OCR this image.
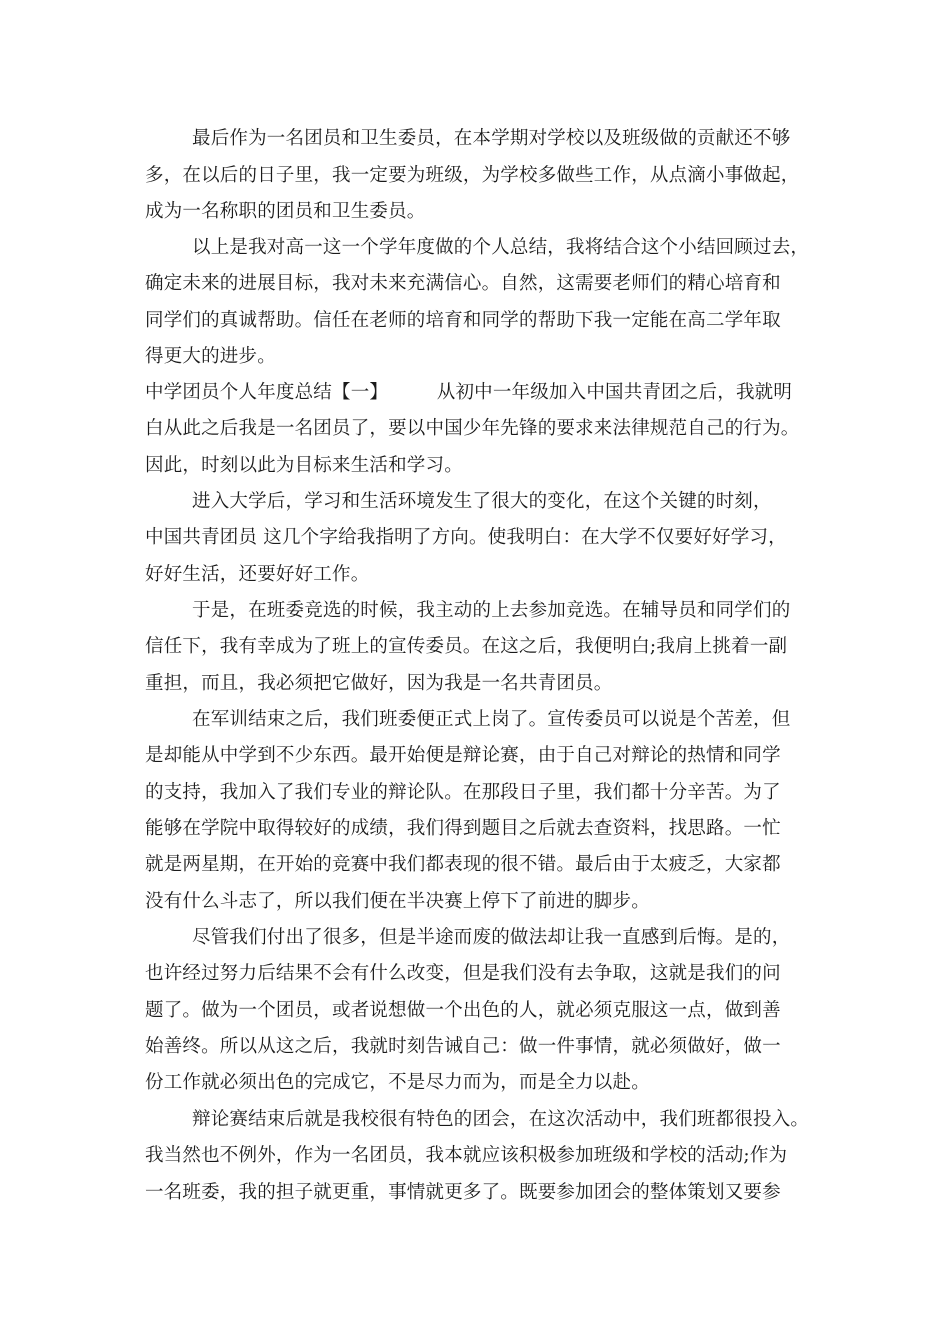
最后作为一名团员和卫生委员，在本学期对学校以及班级做的贡献还不够

多，在以后的日子里，我一定要为班级，为学校多做些工作，从点滴小事做起，

成为一名称职的团员和卫生委员。

以上是我对高一这一个学年度做的个人总结，我将结合这个小结回顾过去，

确定未来的进展目标，我对未来充满信心。自然，这需要老师们的精心培育和

同学们的真诚帮助。信任在老师的培育和同学的帮助下我一定能在高二学年取

得更大的进步。

中学团员个人年度总结【一】        从初中一年级加入中国共青团之后，我就明

白从此之后我是一名团员了，要以中国少年先锋的要求来法律规范自己的行为。

因此，时刻以此为目标来生活和学习。

进入大学后，学习和生活环境发生了很大的变化，在这个关键的时刻，

中国共青团员 这几个字给我指明了方向。使我明白：在大学不仅要好好学习，

好好生活，还要好好工作。

于是，在班委竞选的时候，我主动的上去参加竞选。在辅导员和同学们的

信任下，我有幸成为了班上的宣传委员。在这之后，我便明白;我肩上挑着一副

重担，而且，我必须把它做好，因为我是一名共青团员。

在军训结束之后，我们班委便正式上岗了。宣传委员可以说是个苦差，但

是却能从中学到不少东西。最开始便是辩论赛，由于自己对辩论的热情和同学

的支持，我加入了我们专业的辩论队。在那段日子里，我们都十分辛苦。为了

能够在学院中取得较好的成绩，我们得到题目之后就去查资料，找思路。一忙

就是两星期，在开始的竞赛中我们都表现的很不错。最后由于太疲乏，大家都

没有什么斗志了，所以我们便在半决赛上停下了前进的脚步。

尽管我们付出了很多，但是半途而废的做法却让我一直感到后悔。是的，

也许经过努力后结果不会有什么改变，但是我们没有去争取，这就是我们的问

题了。做为一个团员，或者说想做一个出色的人，就必须克服这一点，做到善

始善终。所以从这之后，我就时刻告诫自己：做一件事情，就必须做好，做一

份工作就必须出色的完成它，不是尽力而为，而是全力以赴。

辩论赛结束后就是我校很有特色的团会，在这次活动中，我们班都很投入。

我当然也不例外，作为一名团员，我本就应该积极参加班级和学校的活动;作为

一名班委，我的担子就更重，事情就更多了。既要参加团会的整体策划又要参
